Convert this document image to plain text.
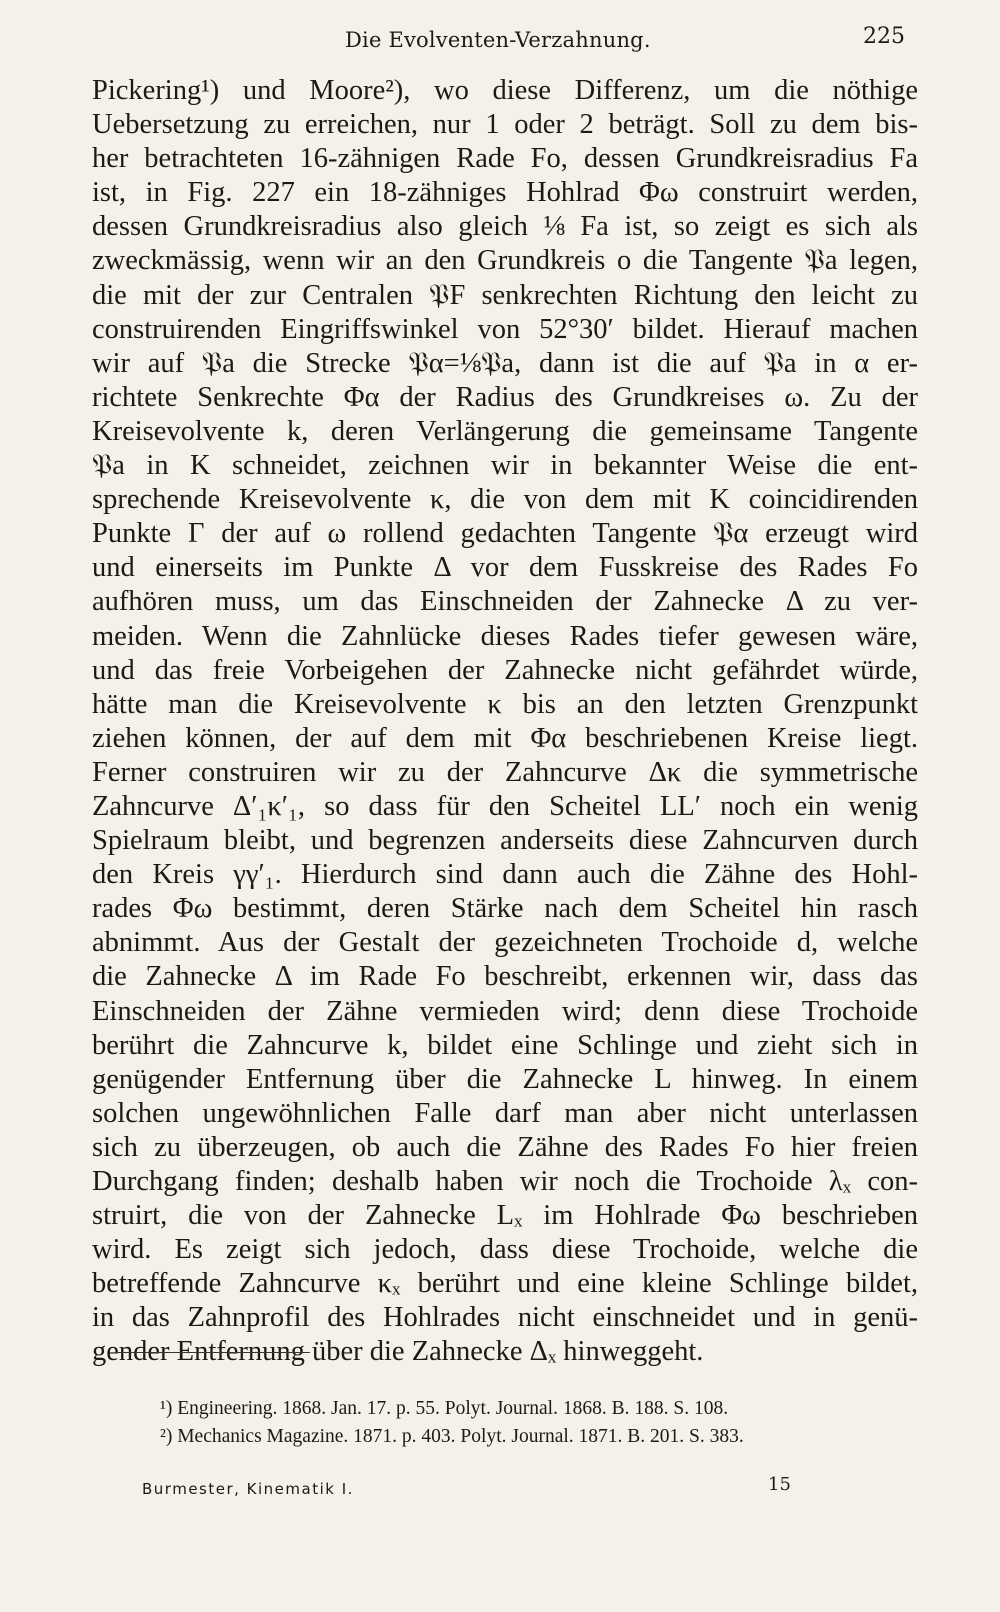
Die Evolventen-Verzahnung.	225
Pickering¹) und Moore²), wo diese Differenz, um die nöthige
Uebersetzung zu erreichen, nur 1 oder 2 beträgt. Soll zu dem bis-
her betrachteten 16-zähnigen Rade Fo, dessen Grundkreisradius Fa
ist, in Fig. 227 ein 18-zähniges Hohlrad Φω construirt werden,
dessen Grundkreisradius also gleich ⅛ Fa ist, so zeigt es sich als
zweckmässig, wenn wir an den Grundkreis o die Tangente 𝔓a legen,
die mit der zur Centralen 𝔓F senkrechten Richtung den leicht zu
construirenden Eingriffswinkel von 52°30′ bildet. Hierauf machen
wir auf 𝔓a die Strecke 𝔓α=⅛𝔓a, dann ist die auf 𝔓a in α er-
richtete Senkrechte Φα der Radius des Grundkreises ω. Zu der
Kreisevolvente k, deren Verlängerung die gemeinsame Tangente
𝔓a in K schneidet, zeichnen wir in bekannter Weise die ent-
sprechende Kreisevolvente κ, die von dem mit K coincidirenden
Punkte Γ der auf ω rollend gedachten Tangente 𝔓α erzeugt wird
und einerseits im Punkte Δ vor dem Fusskreise des Rades Fo
aufhören muss, um das Einschneiden der Zahnecke Δ zu ver-
meiden. Wenn die Zahnlücke dieses Rades tiefer gewesen wäre,
und das freie Vorbeigehen der Zahnecke nicht gefährdet würde,
hätte man die Kreisevolvente κ bis an den letzten Grenzpunkt
ziehen können, der auf dem mit Φα beschriebenen Kreise liegt.
Ferner construiren wir zu der Zahncurve Δκ die symmetrische
Zahncurve Δ′₁κ′₁, so dass für den Scheitel LL′ noch ein wenig
Spielraum bleibt, und begrenzen anderseits diese Zahncurven durch
den Kreis γγ′₁. Hierdurch sind dann auch die Zähne des Hohl-
rades Φω bestimmt, deren Stärke nach dem Scheitel hin rasch
abnimmt. Aus der Gestalt der gezeichneten Trochoide d, welche
die Zahnecke Δ im Rade Fo beschreibt, erkennen wir, dass das
Einschneiden der Zähne vermieden wird; denn diese Trochoide
berührt die Zahncurve k, bildet eine Schlinge und zieht sich in
genügender Entfernung über die Zahnecke L hinweg. In einem
solchen ungewöhnlichen Falle darf man aber nicht unterlassen
sich zu überzeugen, ob auch die Zähne des Rades Fo hier freien
Durchgang finden; deshalb haben wir noch die Trochoide λₓ con-
struirt, die von der Zahnecke Lₓ im Hohlrade Φω beschrieben
wird. Es zeigt sich jedoch, dass diese Trochoide, welche die
betreffende Zahncurve κₓ berührt und eine kleine Schlinge bildet,
in das Zahnprofil des Hohlrades nicht einschneidet und in genü-
gender Entfernung über die Zahnecke Δₓ hinweggeht.
¹) Engineering. 1868. Jan. 17. p. 55. Polyt. Journal. 1868. B. 188. S. 108.
²) Mechanics Magazine. 1871. p. 403. Polyt. Journal. 1871. B. 201. S. 383.
Burmester, Kinematik I.	15
